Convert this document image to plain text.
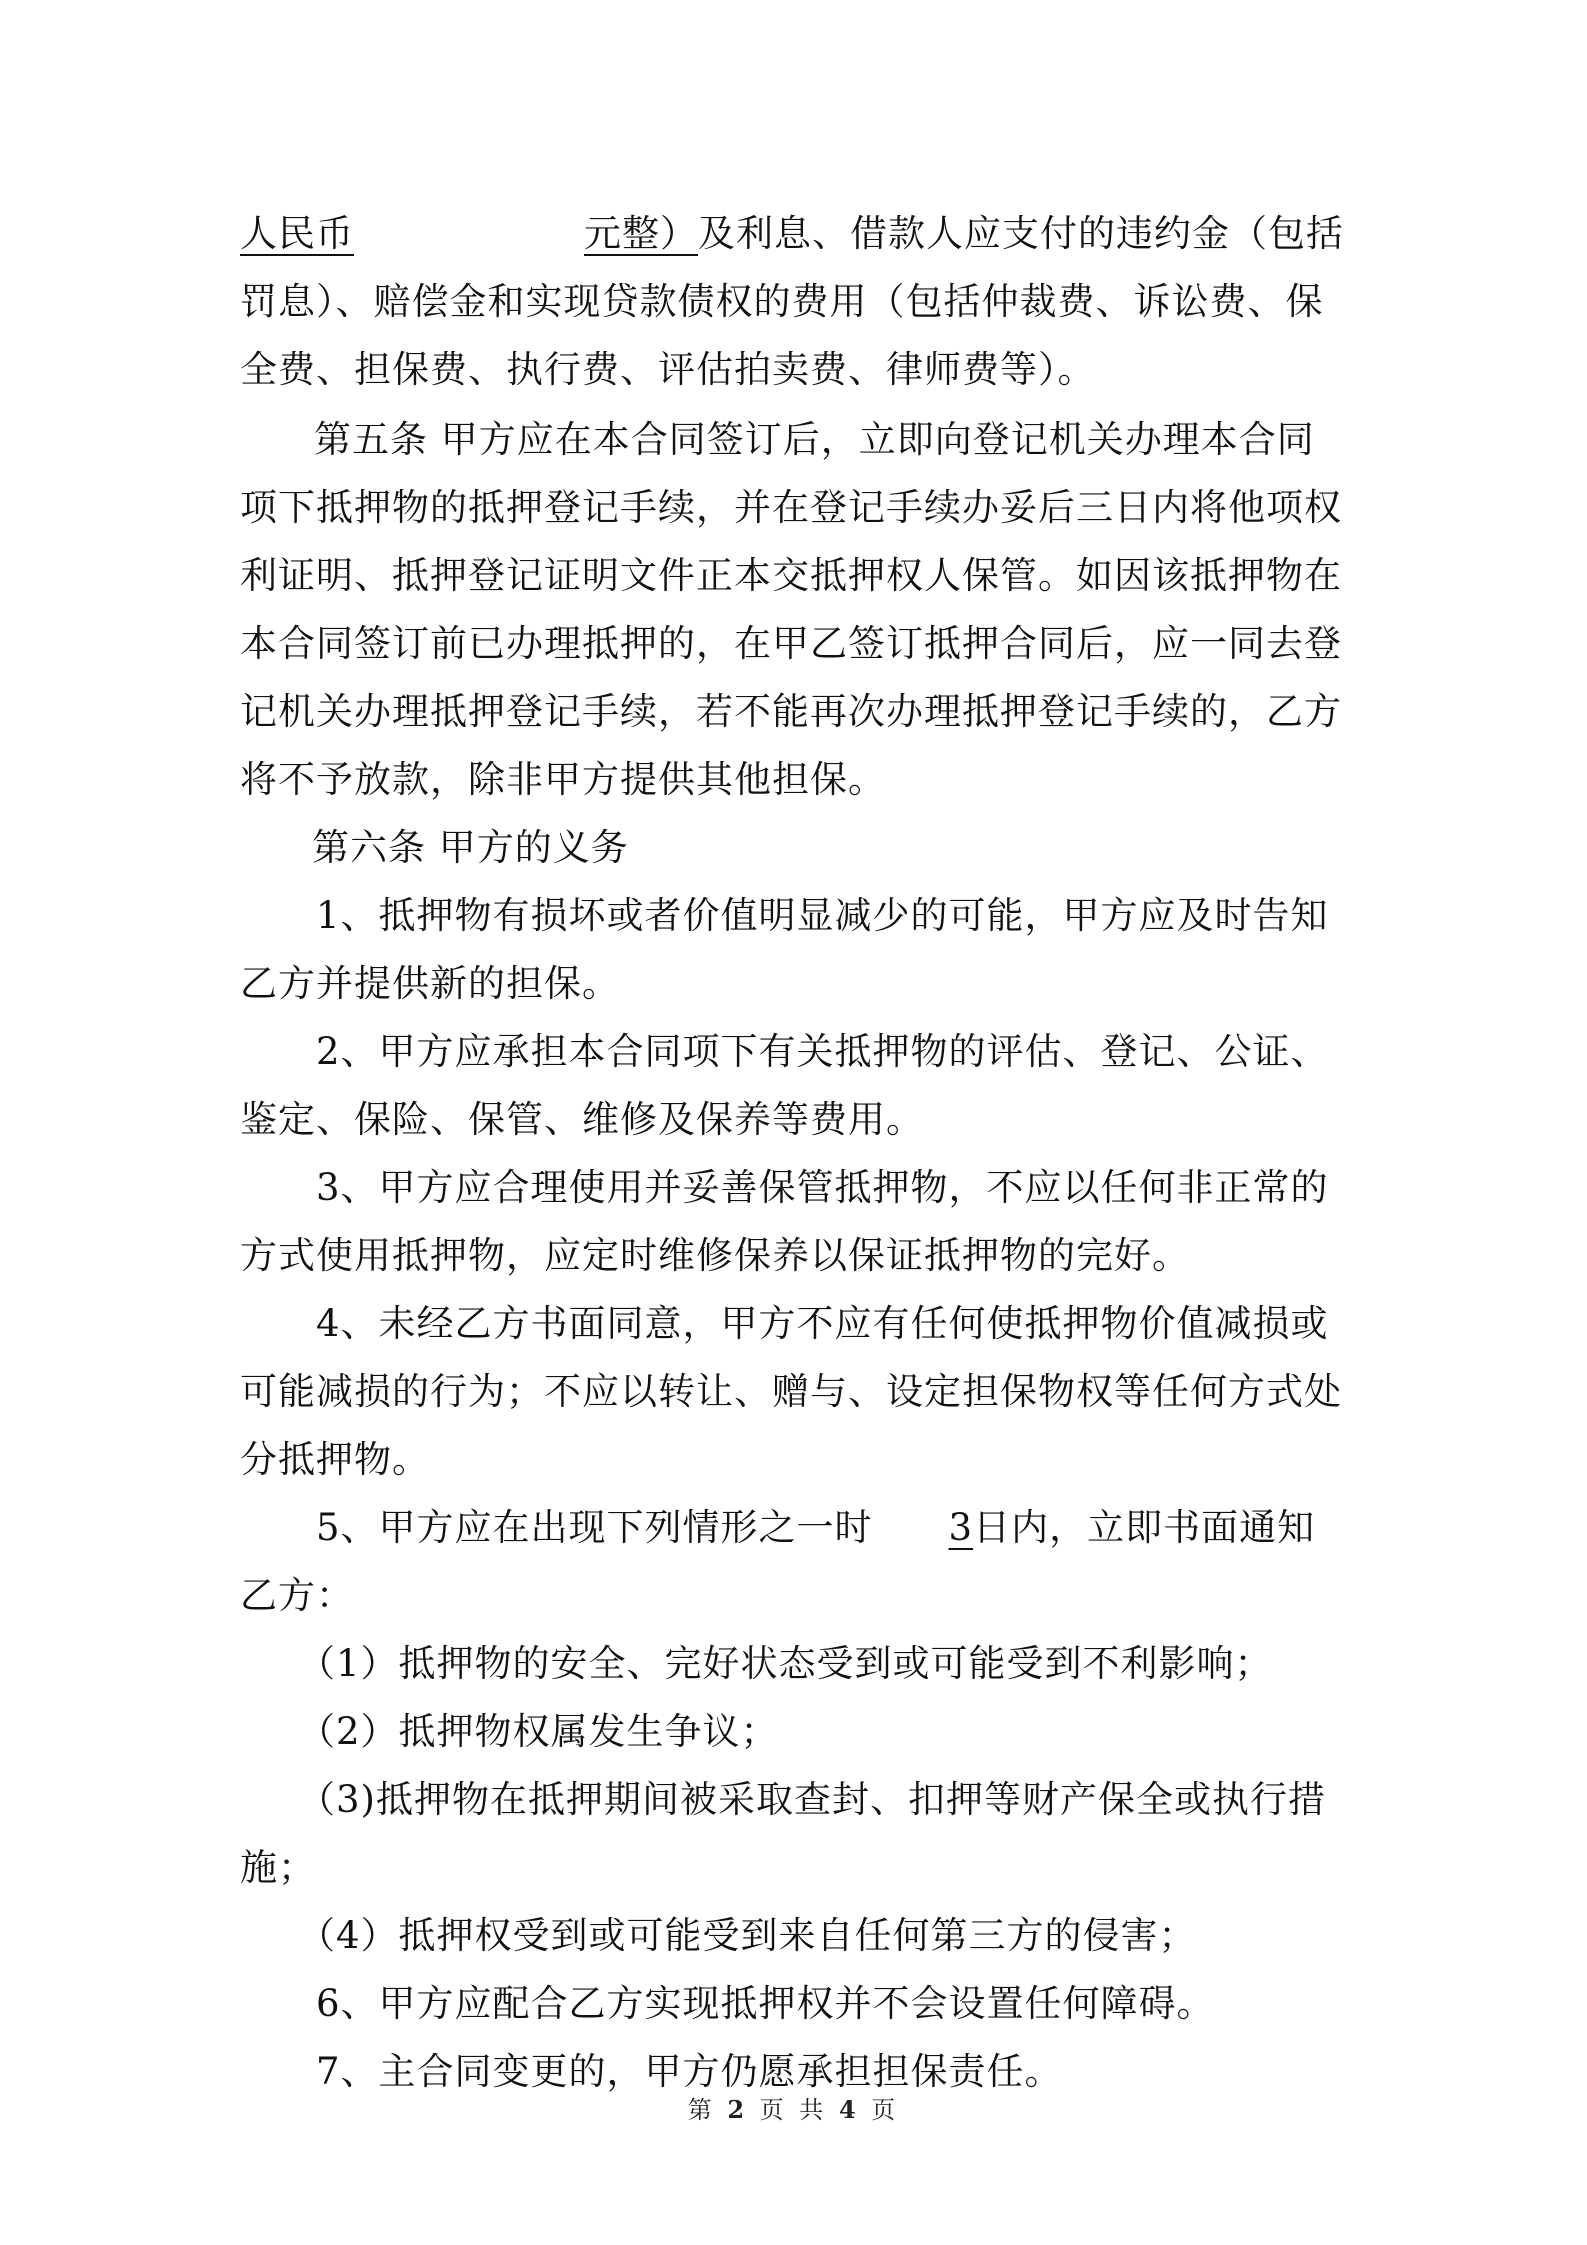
人民币	元整）及利息、借款人应支付的违约金（包括罚息）、赔偿金和实现贷款债权的费用（包括仲裁费、诉讼费、保全费、担保费、执行费、评估拍卖费、律师费等）。

第五条 甲方应在本合同签订后，立即向登记机关办理本合同项下抵押物的抵押登记手续，并在登记手续办妥后三日内将他项权利证明、抵押登记证明文件正本交抵押权人保管。如因该抵押物在本合同签订前已办理抵押的，在甲乙签订抵押合同后，应一同去登记机关办理抵押登记手续，若不能再次办理抵押登记手续的，乙方将不予放款，除非甲方提供其他担保。

第六条 甲方的义务

1、抵押物有损坏或者价值明显减少的可能，甲方应及时告知乙方并提供新的担保。

2、甲方应承担本合同项下有关抵押物的评估、登记、公证、鉴定、保险、保管、维修及保养等费用。

3、甲方应合理使用并妥善保管抵押物，不应以任何非正常的方式使用抵押物，应定时维修保养以保证抵押物的完好。

4、未经乙方书面同意，甲方不应有任何使抵押物价值减损或可能减损的行为；不应以转让、赠与、设定担保物权等任何方式处分抵押物。

5、甲方应在出现下列情形之一时 3日内，立即书面通知乙方：

（1）抵押物的安全、完好状态受到或可能受到不利影响；

（2）抵押物权属发生争议；

（3)抵押物在抵押期间被采取查封、扣押等财产保全或执行措施；

（4）抵押权受到或可能受到来自任何第三方的侵害；

6、甲方应配合乙方实现抵押权并不会设置任何障碍。

7、主合同变更的，甲方仍愿承担担保责任。

第 2 页 共 4 页
